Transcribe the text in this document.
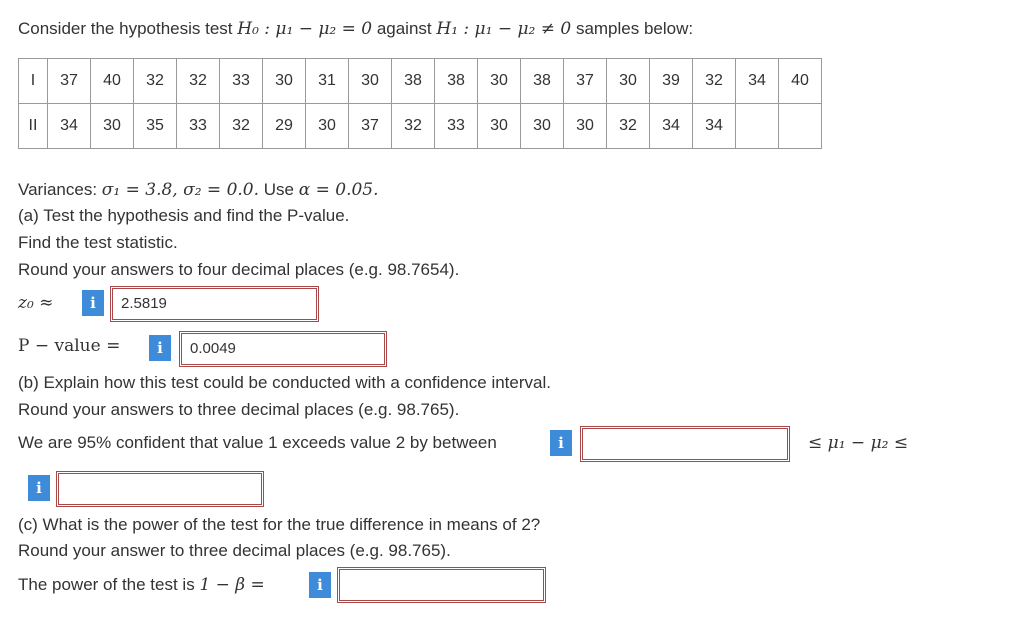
Consider the hypothesis test H₀ : μ₁ − μ₂ = 0 against H₁ : μ₁ − μ₂ ≠ 0 samples below:
I	37	40	32	32	33	30	31	30	38	38	30	38	37	30	39	32	34	40
II	34	30	35	33	32	29	30	37	32	33	30	30	30	32	34	34		
Variances: σ₁ = 3.8, σ₂ = 0.0. Use α = 0.05.
(a) Test the hypothesis and find the P-value.
Find the test statistic.
Round your answers to four decimal places (e.g. 98.7654).
z₀ ≈	i	2.5819
P − value =	i	0.0049
(b) Explain how this test could be conducted with a confidence interval.
Round your answers to three decimal places (e.g. 98.765).
We are 95% confident that value 1 exceeds value 2 by between	i	≤ μ₁ − μ₂ ≤
i
(c) What is the power of the test for the true difference in means of 2?
Round your answer to three decimal places (e.g. 98.765).
The power of the test is 1 − β =	i
